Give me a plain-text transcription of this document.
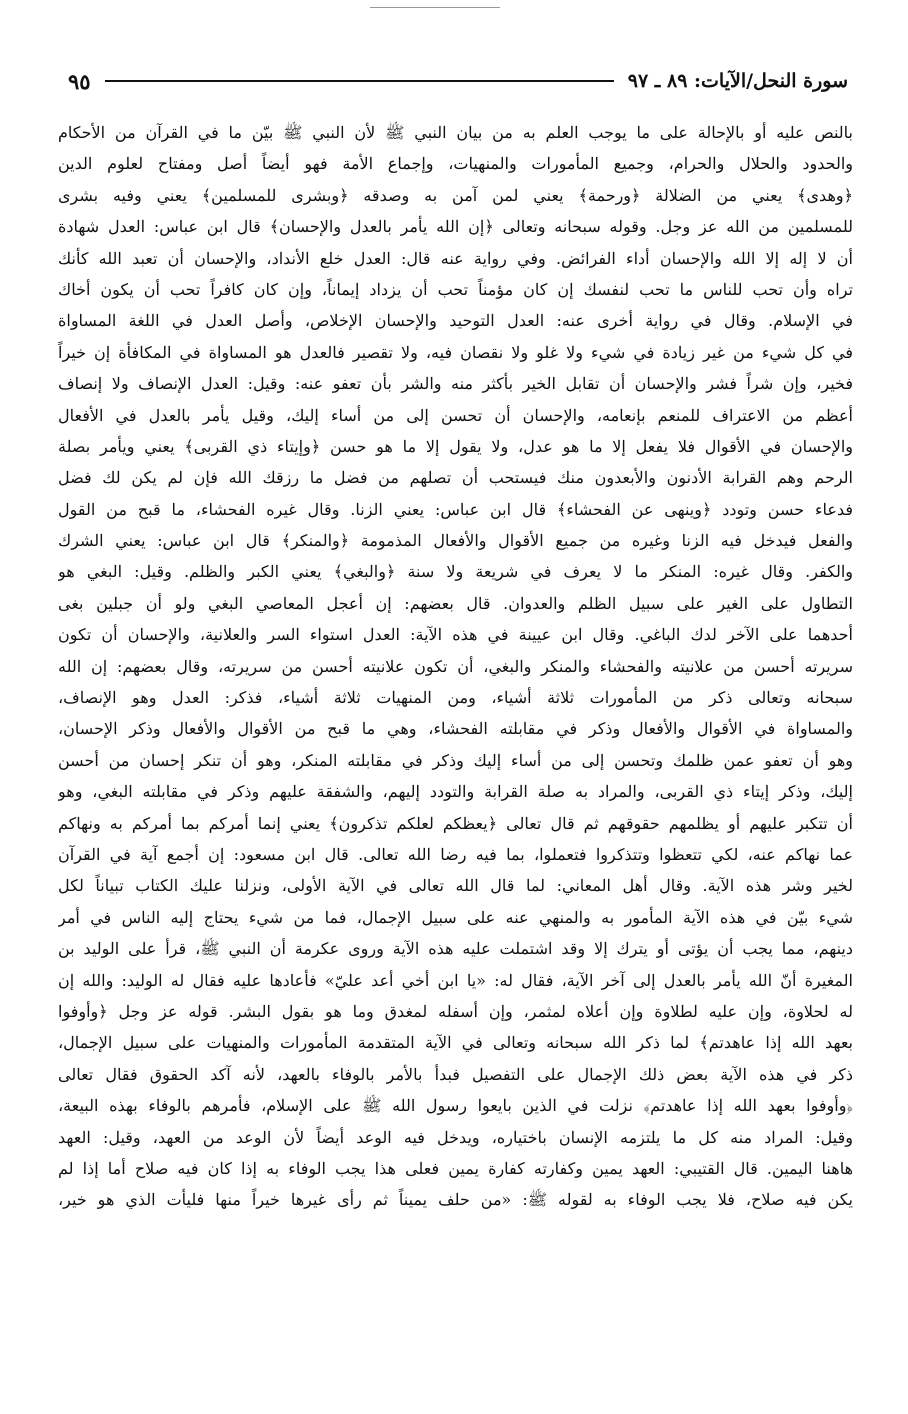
سورة النحل/الآيات: ٨٩ ـ ٩٧
٩٥
بالنص عليه أو بالإحالة على ما يوجب العلم به من بيان النبي ﷺ لأن النبي ﷺ بيّن ما في القرآن من الأحكام
والحدود والحلال والحرام، وجميع المأمورات والمنهيات، وإجماع الأمة فهو أيضاً أصل ومفتاح لعلوم الدين
﴿وهدى﴾ يعني من الضلالة ﴿ورحمة﴾ يعني لمن آمن به وصدقه ﴿وبشرى للمسلمين﴾ يعني وفيه بشرى
للمسلمين من الله عز وجل. وقوله سبحانه وتعالى ﴿إن الله يأمر بالعدل والإحسان﴾ قال ابن عباس: العدل شهادة
أن لا إله إلا الله والإحسان أداء الفرائض. وفي رواية عنه قال: العدل خلع الأنداد، والإحسان أن تعبد الله كأنك
تراه وأن تحب للناس ما تحب لنفسك إن كان مؤمناً تحب أن يزداد إيماناً، وإن كان كافراً تحب أن يكون أخاك
في الإسلام. وقال في رواية أخرى عنه: العدل التوحيد والإحسان الإخلاص، وأصل العدل في اللغة المساواة
في كل شيء من غير زيادة في شيء ولا غلو ولا نقصان فيه، ولا تقصير فالعدل هو المساواة في المكافأة إن خيراً
فخير، وإن شراً فشر والإحسان أن تقابل الخير بأكثر منه والشر بأن تعفو عنه: وقيل: العدل الإنصاف ولا إنصاف
أعظم من الاعتراف للمنعم بإنعامه، والإحسان أن تحسن إلى من أساء إليك، وقيل يأمر بالعدل في الأفعال
والإحسان في الأقوال فلا يفعل إلا ما هو عدل، ولا يقول إلا ما هو حسن ﴿وإيتاء ذي القربى﴾ يعني ويأمر بصلة
الرحم وهم القرابة الأدنون والأبعدون منك فيستحب أن تصلهم من فضل ما رزقك الله فإن لم يكن لك فضل
فدعاء حسن وتودد ﴿وينهى عن الفحشاء﴾ قال ابن عباس: يعني الزنا. وقال غيره الفحشاء، ما قبح من القول
والفعل فيدخل فيه الزنا وغيره من جميع الأقوال والأفعال المذمومة ﴿والمنكر﴾ قال ابن عباس: يعني الشرك
والكفر. وقال غيره: المنكر ما لا يعرف في شريعة ولا سنة ﴿والبغي﴾ يعني الكبر والظلم. وقيل: البغي هو
التطاول على الغير على سبيل الظلم والعدوان. قال بعضهم: إن أعجل المعاصي البغي ولو أن جبلين بغى
أحدهما على الآخر لدك الباغي. وقال ابن عيينة في هذه الآية: العدل استواء السر والعلانية، والإحسان أن تكون
سريرته أحسن من علانيته والفحشاء والمنكر والبغي، أن تكون علانيته أحسن من سريرته، وقال بعضهم: إن الله
سبحانه وتعالى ذكر من المأمورات ثلاثة أشياء، ومن المنهيات ثلاثة أشياء، فذكر: العدل وهو الإنصاف،
والمساواة في الأقوال والأفعال وذكر في مقابلته الفحشاء، وهي ما قبح من الأقوال والأفعال وذكر الإحسان،
وهو أن تعفو عمن ظلمك وتحسن إلى من أساء إليك وذكر في مقابلته المنكر، وهو أن تنكر إحسان من أحسن
إليك، وذكر إيتاء ذي القربى، والمراد به صلة القرابة والتودد إليهم، والشفقة عليهم وذكر في مقابلته البغي، وهو
أن تتكبر عليهم أو يظلمهم حقوقهم ثم قال تعالى ﴿يعظكم لعلكم تذكرون﴾ يعني إنما أمركم بما أمركم به ونهاكم
عما نهاكم عنه، لكي تتعظوا وتتذكروا فتعملوا، بما فيه رضا الله تعالى. قال ابن مسعود: إن أجمع آية في القرآن
لخير وشر هذه الآية. وقال أهل المعاني: لما قال الله تعالى في الآية الأولى، ونزلنا عليك الكتاب تبياناً لكل
شيء بيّن في هذه الآية المأمور به والمنهي عنه على سبيل الإجمال، فما من شيء يحتاج إليه الناس في أمر
دينهم، مما يجب أن يؤتى أو يترك إلا وقد اشتملت عليه هذه الآية وروى عكرمة أن النبي ﷺ، قرأ على الوليد بن
المغيرة أنّ الله يأمر بالعدل إلى آخر الآية، فقال له: «يا ابن أخي أعد عليّ» فأعادها عليه فقال له الوليد: والله إن
له لحلاوة، وإن عليه لطلاوة وإن أعلاه لمثمر، وإن أسفله لمغدق وما هو بقول البشر. قوله عز وجل ﴿وأوفوا
بعهد الله إذا عاهدتم﴾ لما ذكر الله سبحانه وتعالى في الآية المتقدمة المأمورات والمنهيات على سبيل الإجمال،
ذكر في هذه الآية بعض ذلك الإجمال على التفصيل فبدأ بالأمر بالوفاء بالعهد، لأنه آكد الحقوق فقال تعالى
﴿وأوفوا بعهد الله إذا عاهدتم﴾ نزلت في الذين بايعوا رسول الله ﷺ على الإسلام، فأمرهم بالوفاء بهذه البيعة،
وقيل: المراد منه كل ما يلتزمه الإنسان باختياره، ويدخل فيه الوعد أيضاً لأن الوعد من العهد، وقيل: العهد
هاهنا اليمين. قال القتيبي: العهد يمين وكفارته كفارة يمين فعلى هذا يجب الوفاء به إذا كان فيه صلاح أما إذا لم
يكن فيه صلاح، فلا يجب الوفاء به لقوله ﷺ: «من حلف يميناً ثم رأى غيرها خيراً منها فليأت الذي هو خير،
